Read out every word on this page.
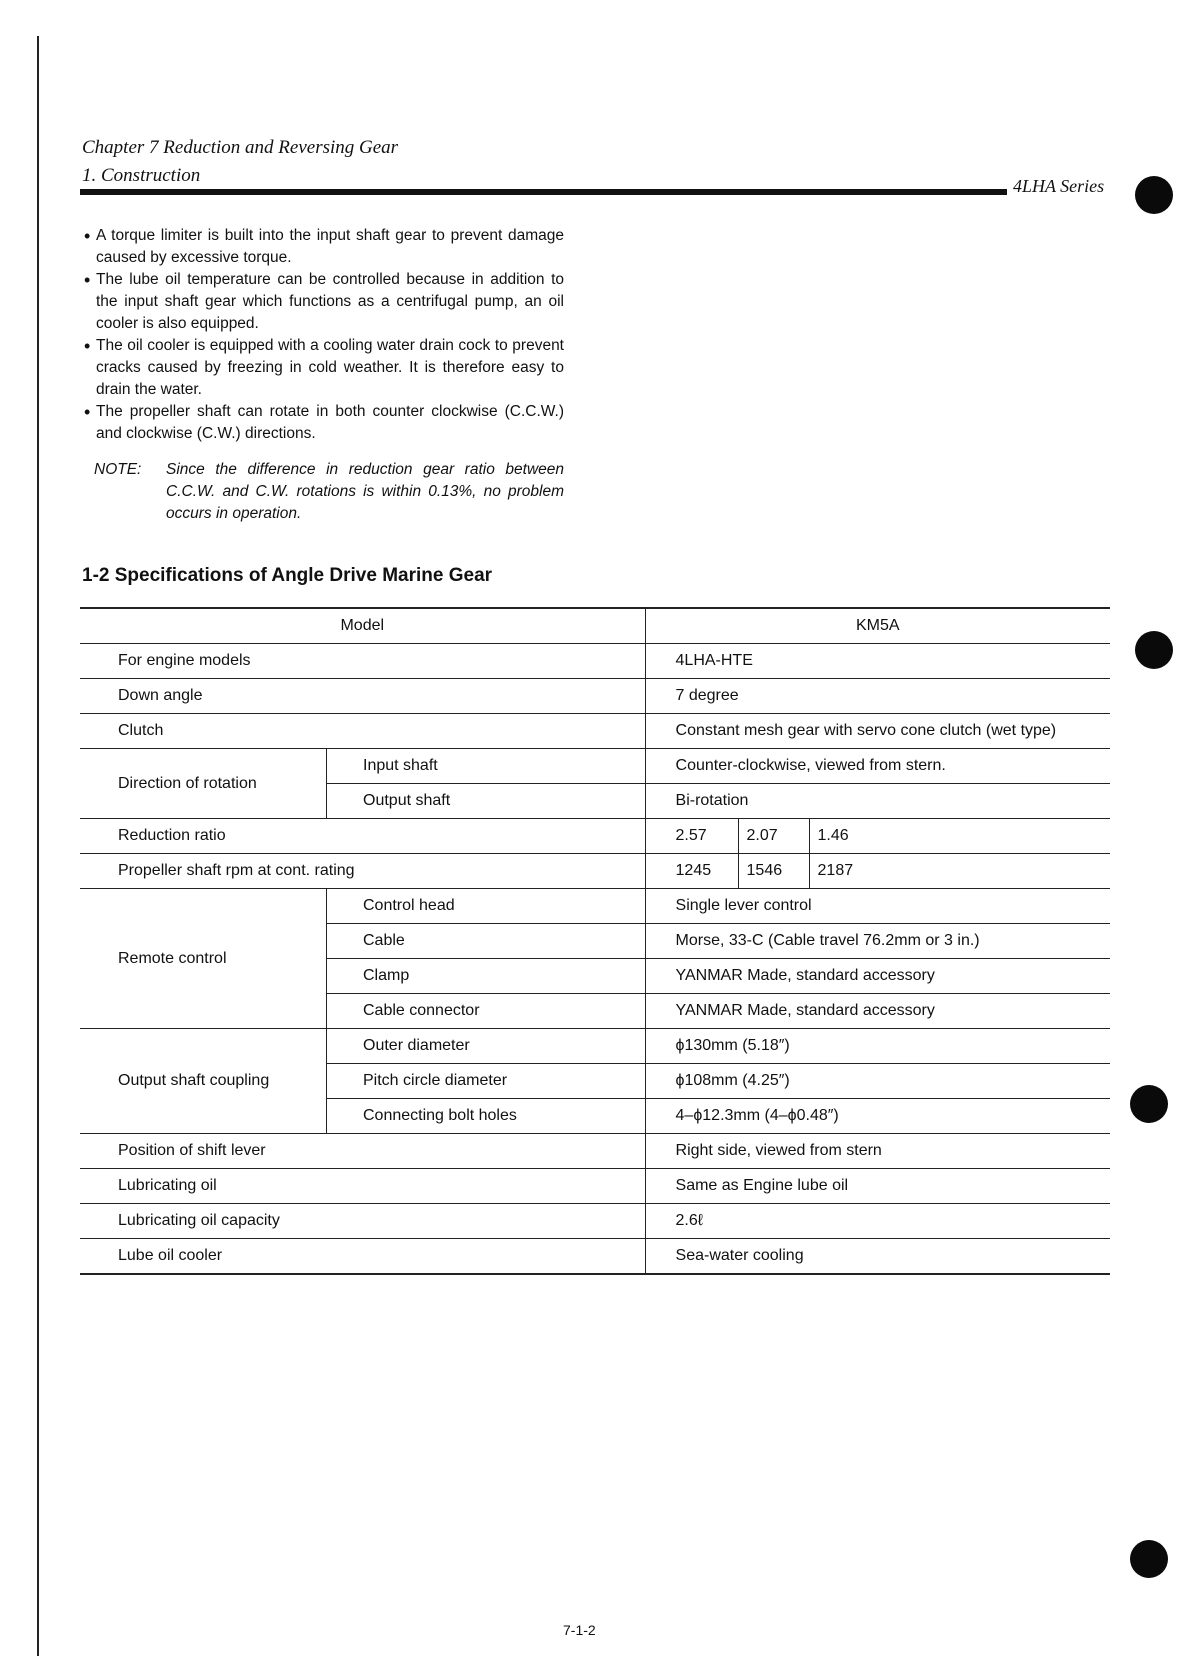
Chapter 7 Reduction and Reversing Gear
1. Construction	4LHA Series
• A torque limiter is built into the input shaft gear to prevent damage caused by excessive torque.
• The lube oil temperature can be controlled because in addition to the input shaft gear which functions as a centrifugal pump, an oil cooler is also equipped.
• The oil cooler is equipped with a cooling water drain cock to prevent cracks caused by freezing in cold weather. It is therefore easy to drain the water.
• The propeller shaft can rotate in both counter clockwise (C.C.W.) and clockwise (C.W.) directions.
NOTE: Since the difference in reduction gear ratio between C.C.W. and C.W. rotations is within 0.13%, no problem occurs in operation.
1-2 Specifications of Angle Drive Marine Gear
Model		KM5A		
For engine models		4LHA-HTE		
Down angle		7 degree		
Clutch		Constant mesh gear with servo cone clutch (wet type)		
Direction of rotation	Input shaft	Counter-clockwise, viewed from stern.		
	Output shaft	Bi-rotation		
Reduction ratio		2.57	2.07	1.46
Propeller shaft rpm at cont. rating		1245	1546	2187
Remote control	Control head	Single lever control		
	Cable	Morse, 33-C (Cable travel 76.2mm or 3 in.)		
	Clamp	YANMAR Made, standard accessory		
	Cable connector	YANMAR Made, standard accessory		
Output shaft coupling	Outer diameter	ϕ130mm (5.18″)		
	Pitch circle diameter	ϕ108mm (4.25″)		
	Connecting bolt holes	4–ϕ12.3mm (4–ϕ0.48″)		
Position of shift lever		Right side, viewed from stern		
Lubricating oil		Same as Engine lube oil		
Lubricating oil capacity		2.6ℓ		
Lube oil cooler		Sea-water cooling		
7-1-2
